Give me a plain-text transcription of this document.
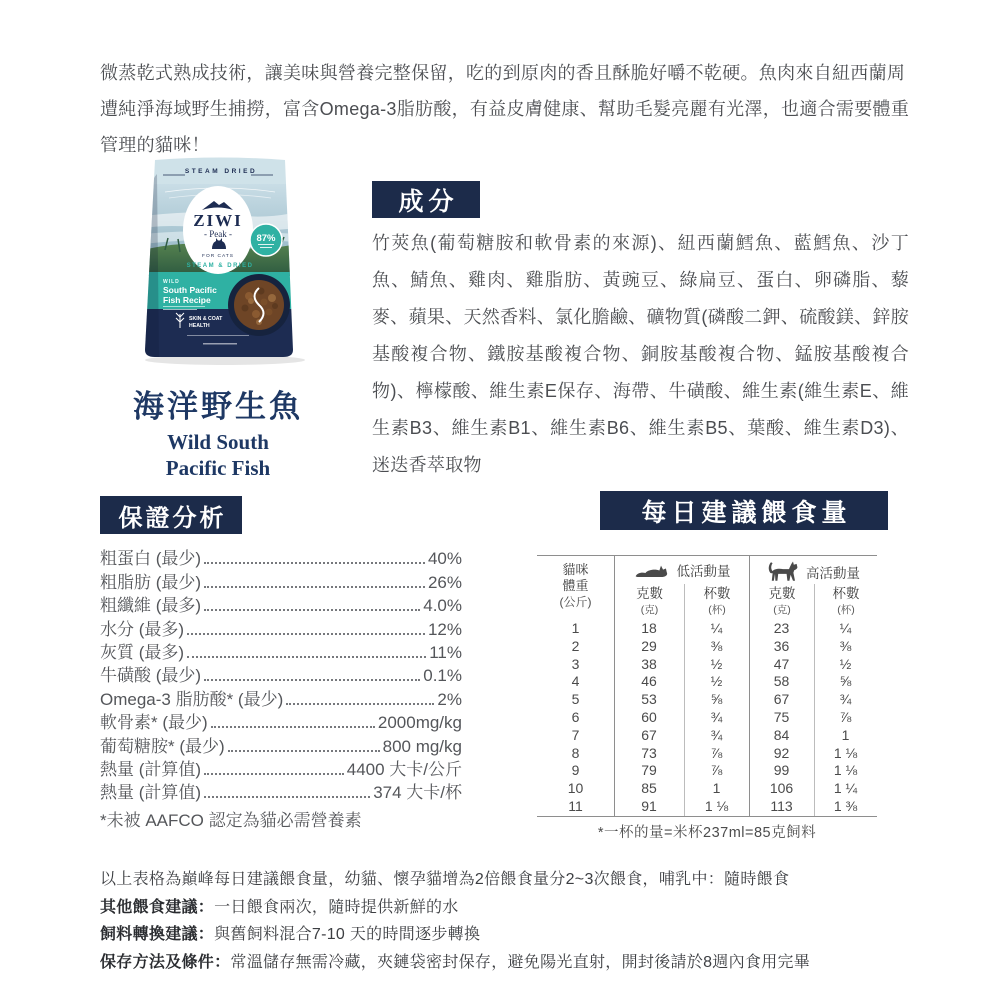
微蒸乾式熟成技術，讓美味與營養完整保留，吃的到原肉的香且酥脆好嚼不乾硬。魚肉來自紐西蘭周遭純淨海域野生捕撈，富含Omega-3脂肪酸，有益皮膚健康、幫助毛髮亮麗有光澤，也適合需要體重管理的貓咪！
STEAM DRIED
ZIWI
- Peak -
FOR CATS
87%
STEAM & DRIED
WILD
South Pacific
Fish Recipe
SKIN & COAT
HEALTH
海洋野生魚
Wild South
Pacific Fish
成分
竹莢魚(葡萄糖胺和軟骨素的來源)、紐西蘭鱈魚、藍鱈魚、沙丁魚、鯖魚、雞肉、雞脂肪、黃豌豆、綠扁豆、蛋白、卵磷脂、藜麥、蘋果、天然香料、氯化膽鹼、礦物質(磷酸二鉀、硫酸鎂、鋅胺基酸複合物、鐵胺基酸複合物、銅胺基酸複合物、錳胺基酸複合物)、檸檬酸、維生素E保存、海帶、牛磺酸、維生素(維生素E、維生素B3、維生素B1、維生素B6、維生素B5、葉酸、維生素D3)、迷迭香萃取物
保證分析
粗蛋白 (最少)	40%
粗脂肪 (最少)	26%
粗纖維 (最多)	4.0%
水分 (最多)	12%
灰質 (最多)	11%
牛磺酸 (最少)	0.1%
Omega-3 脂肪酸* (最少)	2%
軟骨素* (最少)	2000mg/kg
葡萄糖胺* (最少)	800 mg/kg
熱量 (計算值)	4400 大卡/公斤
熱量 (計算值)	374 大卡/杯
*未被 AAFCO 認定為貓必需營養素
每日建議餵食量
貓咪
體重
(公斤)
低活動量	高活動量
克數
(克)
杯數
(杯)
克數
(克)
杯數
(杯)
1	18	¼	23	¼
2	29	⅜	36	⅜
3	38	½	47	½
4	46	½	58	⅝
5	53	⅝	67	¾
6	60	¾	75	⅞
7	67	¾	84	1
8	73	⅞	92	1 ⅛
9	79	⅞	99	1 ⅛
10	85	1	106	1 ¼
11	91	1 ⅛	113	1 ⅜
*一杯的量=米杯237ml=85克飼料
以上表格為巔峰每日建議餵食量，幼貓、懷孕貓增為2倍餵食量分2~3次餵食，哺乳中：隨時餵食
其他餵食建議：一日餵食兩次，隨時提供新鮮的水
飼料轉換建議：與舊飼料混合7-10 天的時間逐步轉換
保存方法及條件：常溫儲存無需冷藏，夾鏈袋密封保存，避免陽光直射，開封後請於8週內食用完畢
